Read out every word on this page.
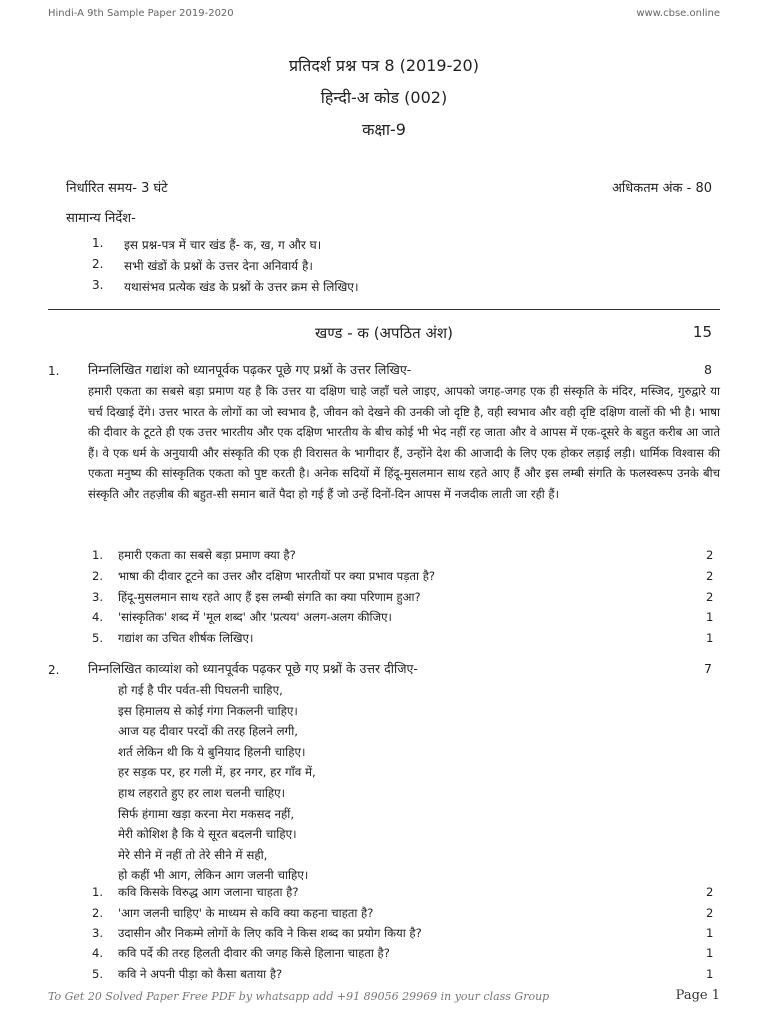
Hindi-A 9th Sample Paper 2019-2020	www.cbse.online
प्रतिदर्श प्रश्न पत्र 8 (2019-20)
हिन्दी-अ कोड (002)
कक्षा-9
निर्धारित समय- 3 घंटे	अधिकतम अंक - 80
सामान्य निर्देश-
1. इस प्रश्न-पत्र में चार खंड हैं- क, ख, ग और घ।
2. सभी खंडों के प्रश्नों के उत्तर देना अनिवार्य है।
3. यथासंभव प्रत्येक खंड के प्रश्नों के उत्तर क्रम से लिखिए।
खण्ड - क (अपठित अंश)	15
1. निम्नलिखित गद्यांश को ध्यानपूर्वक पढ़कर पूछे गए प्रश्नों के उत्तर लिखिए-	8
हमारी एकता का सबसे बड़ा प्रमाण यह है कि उत्तर या दक्षिण चाहे जहाँ चले जाइए, आपको जगह-जगह एक ही संस्कृति के मंदिर, मस्जिद, गुरुद्वारे या चर्च दिखाई देंगे। उत्तर भारत के लोगों का जो स्वभाव है, जीवन को देखने की उनकी जो दृष्टि है, वही स्वभाव और वही दृष्टि दक्षिण वालों की भी है। भाषा की दीवार के टूटते ही एक उत्तर भारतीय और एक दक्षिण भारतीय के बीच कोई भी भेद नहीं रह जाता और वे आपस में एक-दूसरे के बहुत करीब आ जाते हैं। वे एक धर्म के अनुयायी और संस्कृति की एक ही विरासत के भागीदार हैं, उन्होंने देश की आजादी के लिए एक होकर लड़ाई लड़ी। धार्मिक विश्वास की एकता मनुष्य की सांस्कृतिक एकता को पुष्ट करती है। अनेक सदियों में हिंदू-मुसलमान साथ रहते आए हैं और इस लम्बी संगति के फलस्वरूप उनके बीच संस्कृति और तहज़ीब की बहुत-सी समान बातें पैदा हो गई हैं जो उन्हें दिनों-दिन आपस में नजदीक लाती जा रही हैं।
1. हमारी एकता का सबसे बड़ा प्रमाण क्या है?	2
2. भाषा की दीवार टूटने का उत्तर और दक्षिण भारतीयों पर क्या प्रभाव पड़ता है?	2
3. हिंदू-मुसलमान साथ रहते आए हैं इस लम्बी संगति का क्या परिणाम हुआ?	2
4. 'सांस्कृतिक' शब्द में 'मूल शब्द' और 'प्रत्यय' अलग-अलग कीजिए।	1
5. गद्यांश का उचित शीर्षक लिखिए।	1
2. निम्नलिखित काव्यांश को ध्यानपूर्वक पढ़कर पूछे गए प्रश्नों के उत्तर दीजिए-	7
हो गई है पीर पर्वत-सी पिघलनी चाहिए,
इस हिमालय से कोई गंगा निकलनी चाहिए।
आज यह दीवार परदों की तरह हिलने लगी,
शर्त लेकिन थी कि ये बुनियाद हिलनी चाहिए।
हर सड़क पर, हर गली में, हर नगर, हर गाँव में,
हाथ लहराते हुए हर लाश चलनी चाहिए।
सिर्फ हंगामा खड़ा करना मेरा मकसद नहीं,
मेरी कोशिश है कि ये सूरत बदलनी चाहिए।
मेरे सीने में नहीं तो तेरे सीने में सही,
हो कहीं भी आग, लेकिन आग जलनी चाहिए।
1. कवि किसके विरुद्ध आग जलाना चाहता है?	2
2. 'आग जलनी चाहिए' के माध्यम से कवि क्या कहना चाहता है?	2
3. उदासीन और निकम्मे लोगों के लिए कवि ने किस शब्द का प्रयोग किया है?	1
4. कवि पर्दे की तरह हिलती दीवार की जगह किसे हिलाना चाहता है?	1
5. कवि ने अपनी पीड़ा को कैसा बताया है?	1
To Get 20 Solved Paper Free PDF by whatsapp add +91 89056 29969 in your class Group	Page 1
